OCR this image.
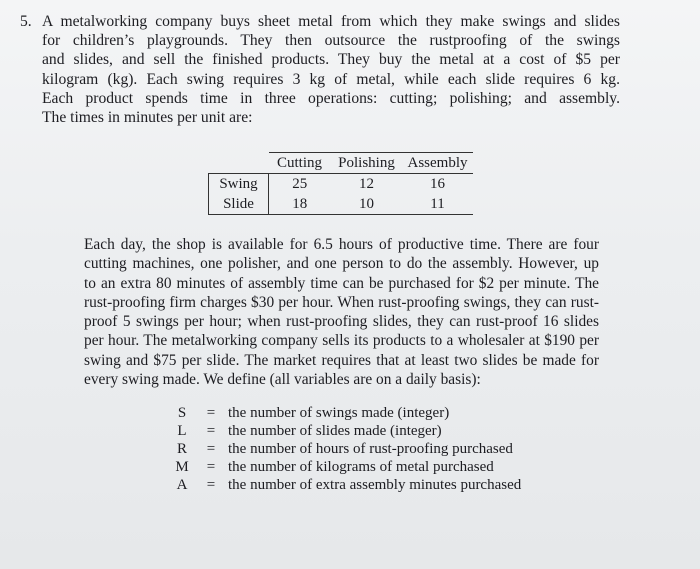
5. A metalworking company buys sheet metal from which they make swings and slides
for children’s playgrounds. They then outsource the rustproofing of the swings
and slides, and sell the finished products. They buy the metal at a cost of $5 per
kilogram (kg). Each swing requires 3 kg of metal, while each slide requires 6 kg.
Each product spends time in three operations: cutting; polishing; and assembly.
The times in minutes per unit are:
	Cutting	Polishing	Assembly
Swing	25	12	16
Slide	18	10	11
Each day, the shop is available for 6.5 hours of productive time. There are four
cutting machines, one polisher, and one person to do the assembly. However, up
to an extra 80 minutes of assembly time can be purchased for $2 per minute. The
rust-proofing firm charges $30 per hour. When rust-proofing swings, they can rust-
proof 5 swings per hour; when rust-proofing slides, they can rust-proof 16 slides
per hour. The metalworking company sells its products to a wholesaler at $190 per
swing and $75 per slide. The market requires that at least two slides be made for
every swing made. We define (all variables are on a daily basis):
S	= the number of swings made (integer)
L	= the number of slides made (integer)
R	= the number of hours of rust-proofing purchased
M	= the number of kilograms of metal purchased
A	= the number of extra assembly minutes purchased
